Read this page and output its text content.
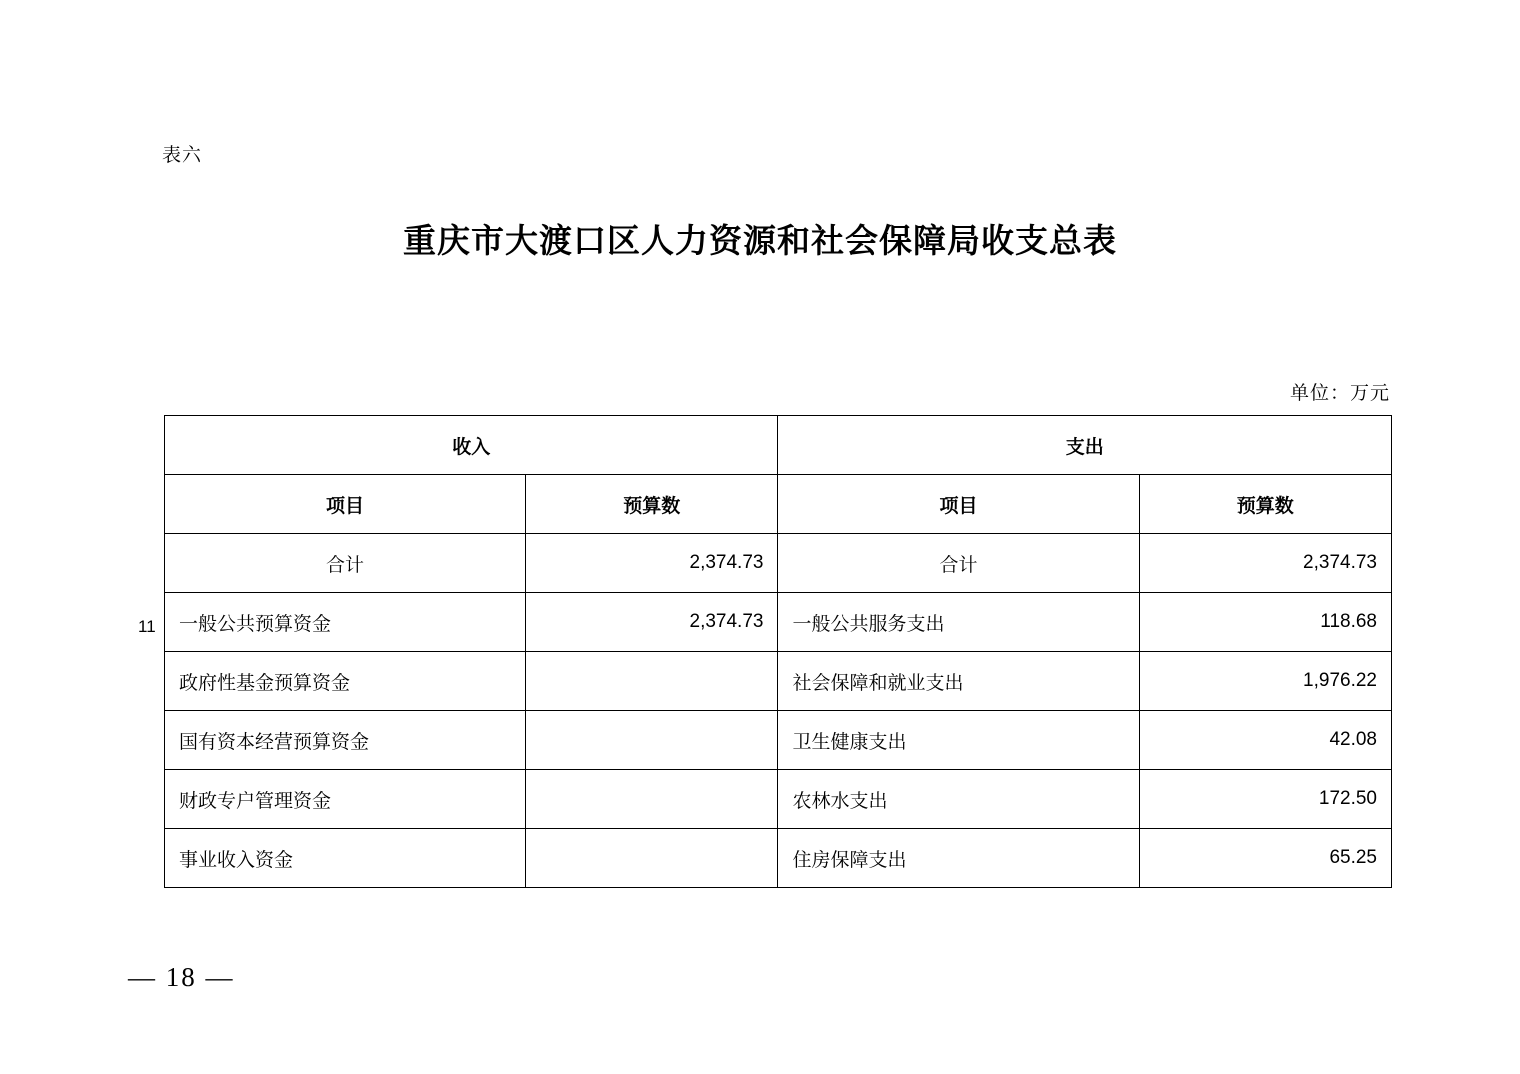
表六
重庆市大渡口区人力资源和社会保障局收支总表
单位：万元
11
收入		支出	
项目	预算数	项目	预算数
合计	2,374.73	合计	2,374.73
一般公共预算资金	2,374.73	一般公共服务支出	118.68
政府性基金预算资金		社会保障和就业支出	1,976.22
国有资本经营预算资金		卫生健康支出	42.08
财政专户管理资金		农林水支出	172.50
事业收入资金		住房保障支出	65.25
— 18 —
